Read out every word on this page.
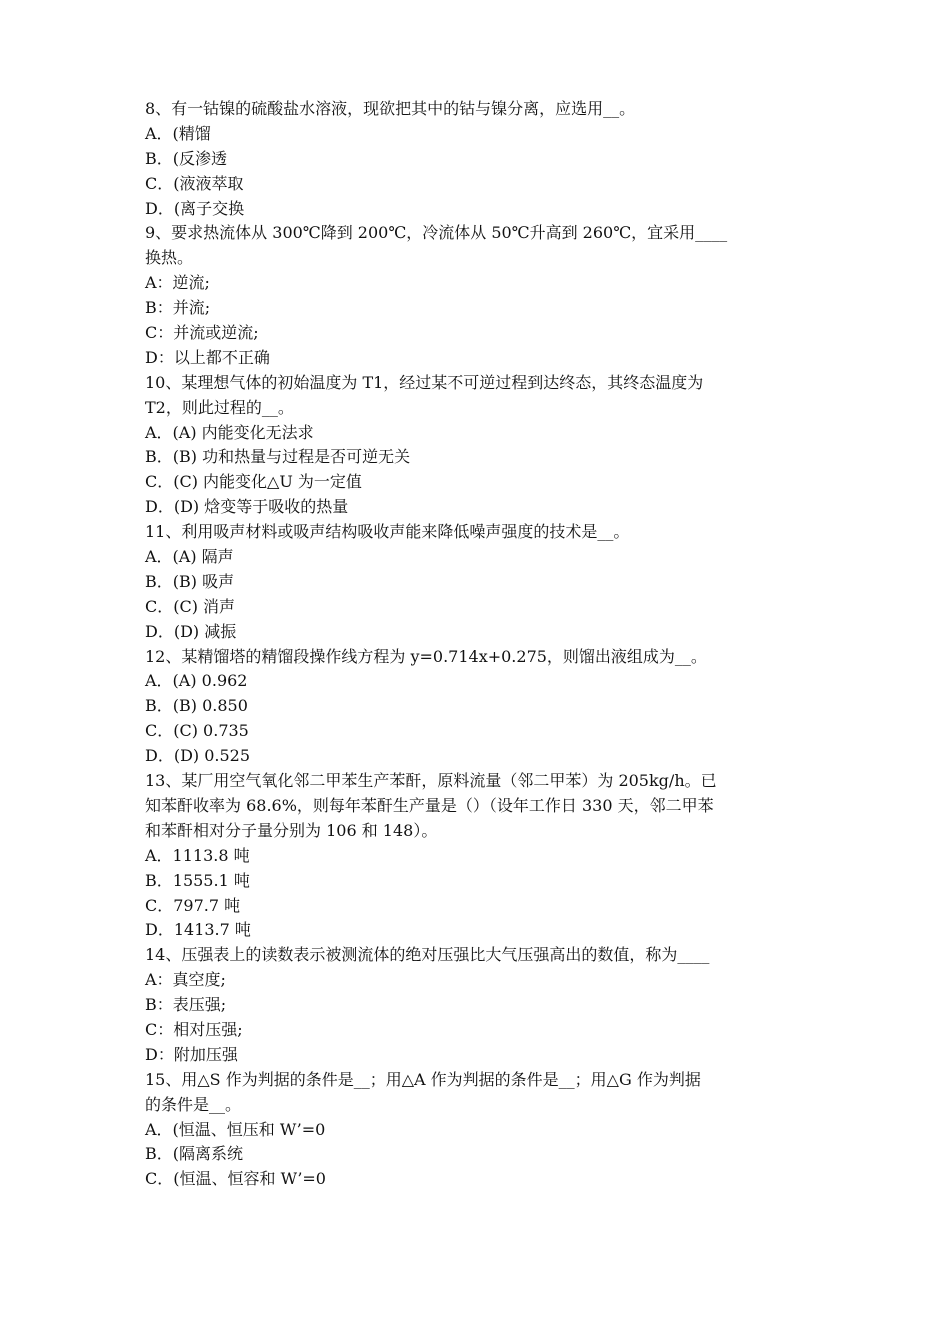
8、有一钴镍的硫酸盐水溶液，现欲把其中的钴与镍分离，应选用__。
A．(精馏
B．(反渗透
C．(液液萃取
D．(离子交换
9、要求热流体从 300℃降到 200℃，冷流体从 50℃升高到 260℃，宜采用____
换热。
A：逆流;
B：并流;
C：并流或逆流;
D：以上都不正确
10、某理想气体的初始温度为 T1，经过某不可逆过程到达终态，其终态温度为
T2，则此过程的__。
A．(A) 内能变化无法求
B．(B) 功和热量与过程是否可逆无关
C．(C) 内能变化△U 为一定值
D．(D) 焓变等于吸收的热量
11、利用吸声材料或吸声结构吸收声能来降低噪声强度的技术是__。
A．(A) 隔声
B．(B) 吸声
C．(C) 消声
D．(D) 减振
12、某精馏塔的精馏段操作线方程为 y=0.714x+0.275，则馏出液组成为__。
A．(A) 0.962
B．(B) 0.850
C．(C) 0.735
D．(D) 0.525
13、某厂用空气氧化邻二甲苯生产苯酐，原料流量（邻二甲苯）为 205kg/h。已
知苯酐收率为 68.6%，则每年苯酐生产量是（）（设年工作日 330 天，邻二甲苯
和苯酐相对分子量分别为 106 和 148）。
A．1113.8 吨
B．1555.1 吨
C．797.7 吨
D．1413.7 吨
14、压强表上的读数表示被测流体的绝对压强比大气压强高出的数值，称为____
A：真空度;
B：表压强;
C：相对压强;
D：附加压强
15、用△S 作为判据的条件是__；用△A 作为判据的条件是__；用△G 作为判据
的条件是__。
A．(恒温、恒压和 W’=0
B．(隔离系统
C．(恒温、恒容和 W’=0
